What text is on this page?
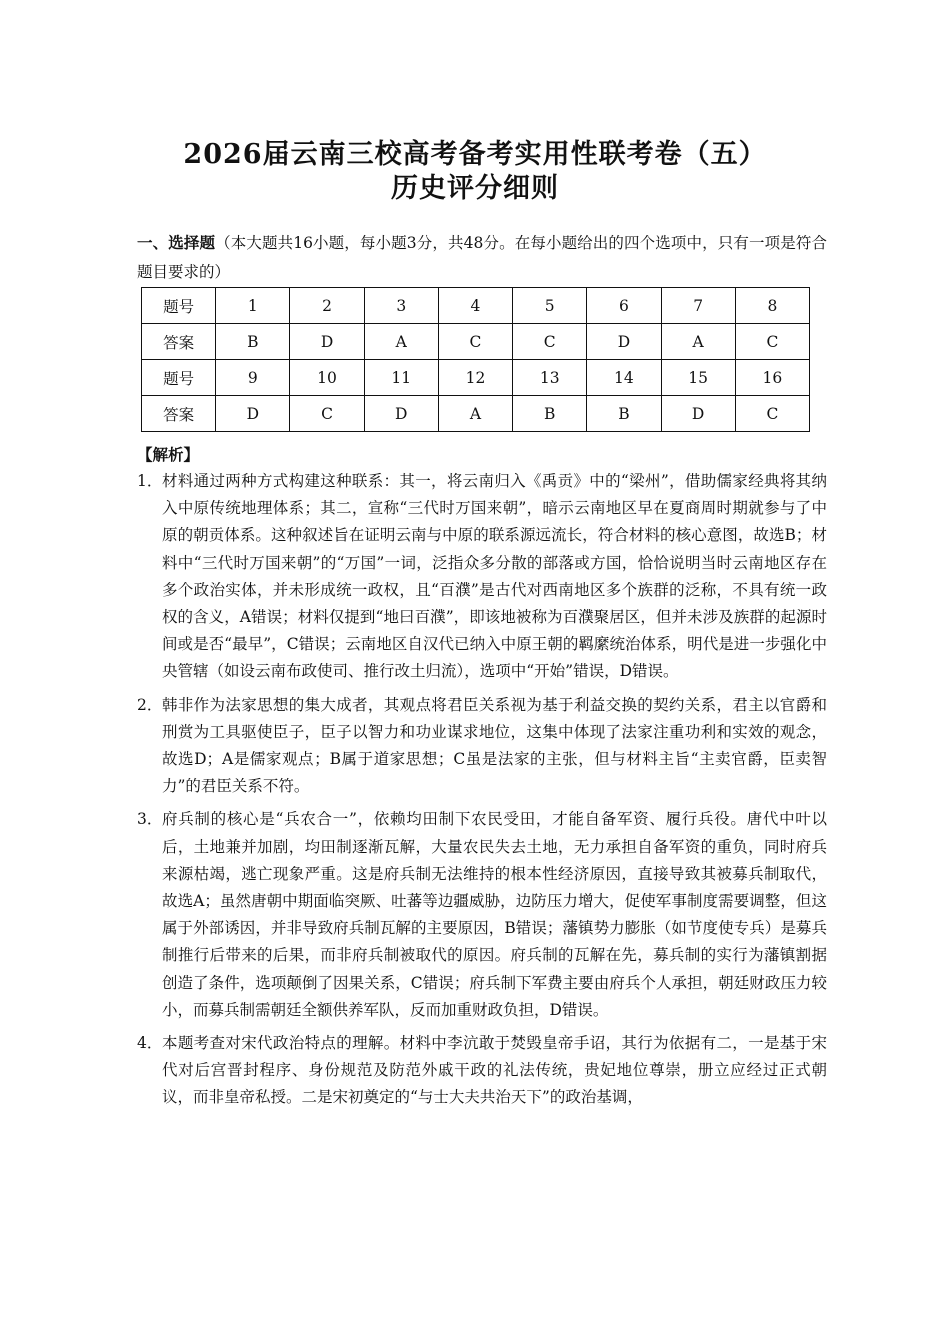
2026届云南三校高考备考实用性联考卷（五）
历史评分细则
一、选择题（本大题共16小题，每小题3分，共48分。在每小题给出的四个选项中，只有一项是符合题目要求的）
题号	1	2	3	4	5	6	7	8
答案	B	D	A	C	C	D	A	C
题号	9	10	11	12	13	14	15	16
答案	D	C	D	A	B	B	D	C
【解析】
1． 材料通过两种方式构建这种联系：其一，将云南归入《禹贡》中的“梁州”，借助儒家经典将其纳入中原传统地理体系；其二，宣称“三代时万国来朝”，暗示云南地区早在夏商周时期就参与了中原的朝贡体系。这种叙述旨在证明云南与中原的联系源远流长，符合材料的核心意图，故选B；材料中“三代时万国来朝”的“万国”一词，泛指众多分散的部落或方国，恰恰说明当时云南地区存在多个政治实体，并未形成统一政权，且“百濮”是古代对西南地区多个族群的泛称，不具有统一政权的含义，A错误；材料仅提到“地曰百濮”，即该地被称为百濮聚居区，但并未涉及族群的起源时间或是否“最早”，C错误；云南地区自汉代已纳入中原王朝的羁縻统治体系，明代是进一步强化中央管辖（如设云南布政使司、推行改土归流），选项中“开始”错误，D错误。
2． 韩非作为法家思想的集大成者，其观点将君臣关系视为基于利益交换的契约关系，君主以官爵和刑赏为工具驱使臣子，臣子以智力和功业谋求地位，这集中体现了法家注重功利和实效的观念，故选D；A是儒家观点；B属于道家思想；C虽是法家的主张，但与材料主旨“主卖官爵，臣卖智力”的君臣关系不符。
3． 府兵制的核心是“兵农合一”，依赖均田制下农民受田，才能自备军资、履行兵役。唐代中叶以后，土地兼并加剧，均田制逐渐瓦解，大量农民失去土地，无力承担自备军资的重负，同时府兵来源枯竭，逃亡现象严重。这是府兵制无法维持的根本性经济原因，直接导致其被募兵制取代，故选A；虽然唐朝中期面临突厥、吐蕃等边疆威胁，边防压力增大，促使军事制度需要调整，但这属于外部诱因，并非导致府兵制瓦解的主要原因，B错误；藩镇势力膨胀（如节度使专兵）是募兵制推行后带来的后果，而非府兵制被取代的原因。府兵制的瓦解在先，募兵制的实行为藩镇割据创造了条件，选项颠倒了因果关系，C错误；府兵制下军费主要由府兵个人承担，朝廷财政压力较小，而募兵制需朝廷全额供养军队，反而加重财政负担，D错误。
4． 本题考查对宋代政治特点的理解。材料中李沆敢于焚毁皇帝手诏，其行为依据有二，一是基于宋代对后宫晋封程序、身份规范及防范外戚干政的礼法传统，贵妃地位尊崇，册立应经过正式朝议，而非皇帝私授。二是宋初奠定的“与士大夫共治天下”的政治基调，
